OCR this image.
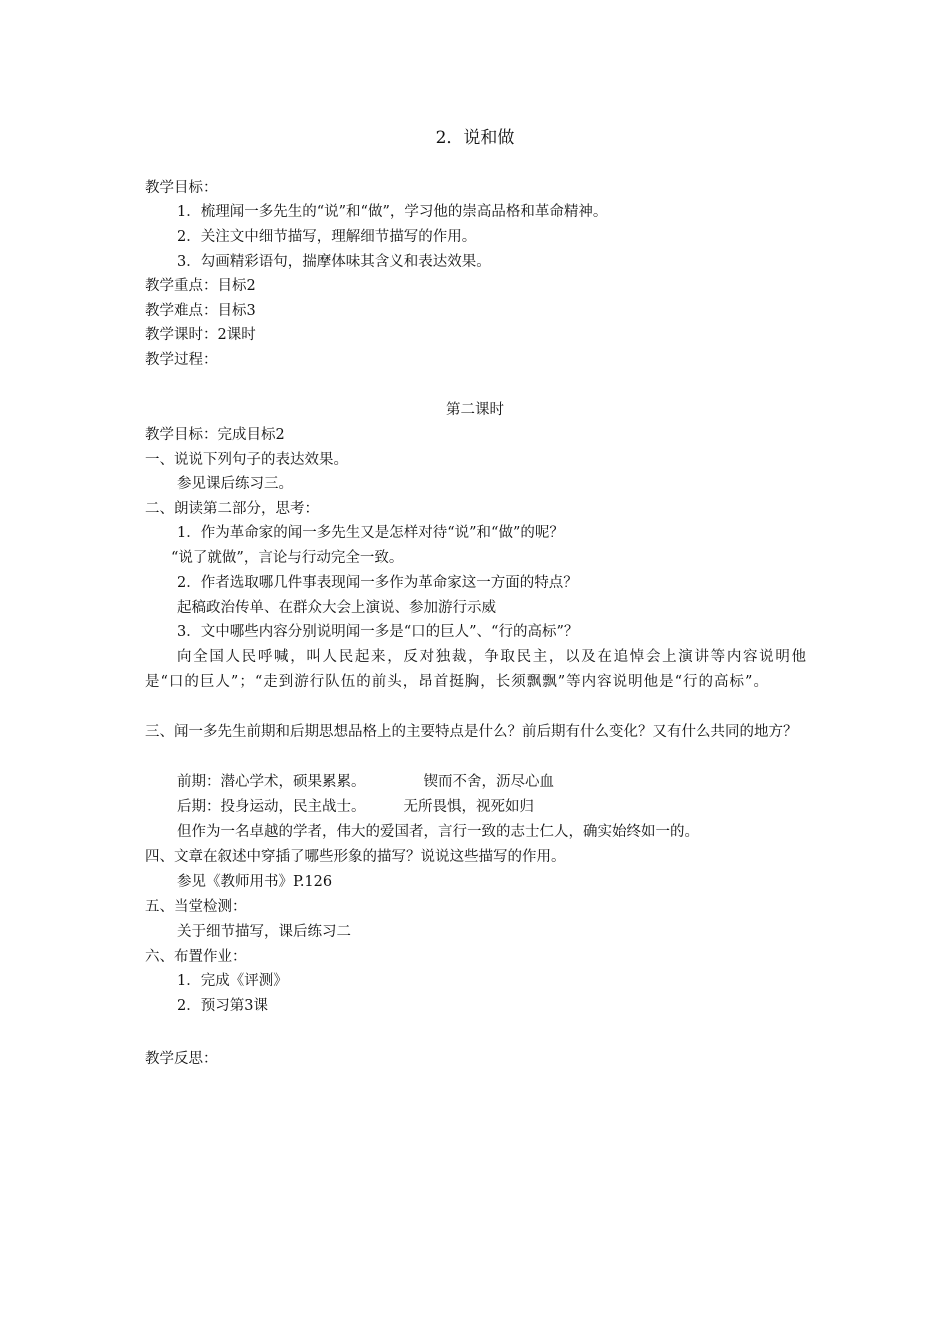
2．说和做
教学目标：
1．梳理闻一多先生的“说”和“做”，学习他的崇高品格和革命精神。
2．关注文中细节描写，理解细节描写的作用。
3．勾画精彩语句，揣摩体味其含义和表达效果。
教学重点：目标2
教学难点：目标3
教学课时：2课时
教学过程：
第二课时
教学目标：完成目标2
一、说说下列句子的表达效果。
参见课后练习三。
二、朗读第二部分，思考：
1．作为革命家的闻一多先生又是怎样对待“说”和“做”的呢？
“说了就做”，言论与行动完全一致。
2．作者选取哪几件事表现闻一多作为革命家这一方面的特点？
起稿政治传单、在群众大会上演说、参加游行示威
3．文中哪些内容分别说明闻一多是“口的巨人”、“行的高标”？
向全国人民呼喊，叫人民起来，反对独裁，争取民主，以及在追悼会上演讲等内容说明他是“口的巨人”；“走到游行队伍的前头，昂首挺胸，长须飘飘”等内容说明他是“行的高标”。
三、闻一多先生前期和后期思想品格上的主要特点是什么？前后期有什么变化？又有什么共同的地方？
前期：潜心学术，硕果累累。	锲而不舍，沥尽心血
后期：投身运动，民主战士。	无所畏惧，视死如归
但作为一名卓越的学者，伟大的爱国者，言行一致的志士仁人，确实始终如一的。
四、文章在叙述中穿插了哪些形象的描写？说说这些描写的作用。
参见《教师用书》P.126
五、当堂检测：
关于细节描写，课后练习二
六、布置作业：
1．完成《评测》
2．预习第3课
教学反思：
